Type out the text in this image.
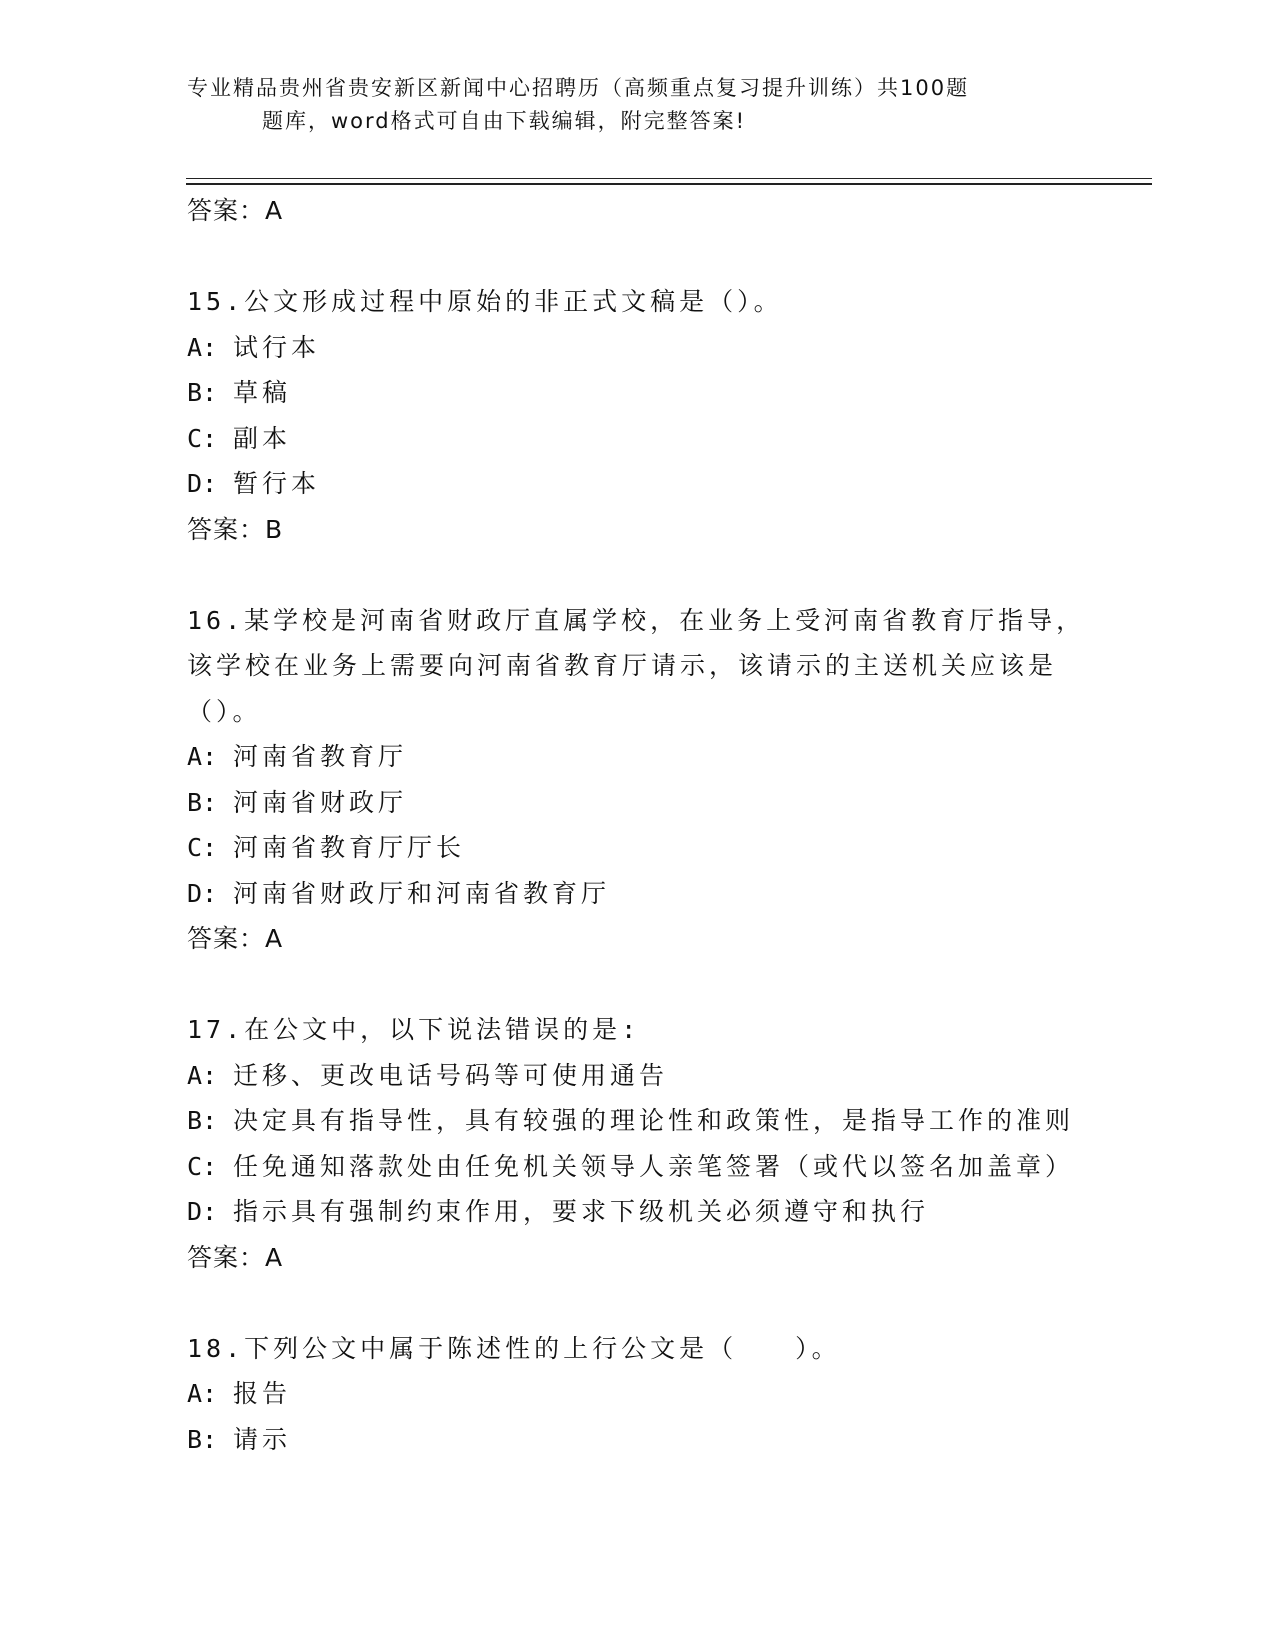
专业精品贵州省贵安新区新闻中心招聘历（高频重点复习提升训练）共100题
题库，word格式可自由下载编辑，附完整答案!
答案：A
15.公文形成过程中原始的非正式文稿是（）。
A: 试行本
B: 草稿
C: 副本
D: 暂行本
答案：B
16.某学校是河南省财政厅直属学校，在业务上受河南省教育厅指导，
该学校在业务上需要向河南省教育厅请示，该请示的主送机关应该是
（）。
A: 河南省教育厅
B: 河南省财政厅
C: 河南省教育厅厅长
D: 河南省财政厅和河南省教育厅
答案：A
17.在公文中，以下说法错误的是:
A: 迁移、更改电话号码等可使用通告
B: 决定具有指导性，具有较强的理论性和政策性，是指导工作的准则
C: 任免通知落款处由任免机关领导人亲笔签署（或代以签名加盖章）
D: 指示具有强制约束作用，要求下级机关必须遵守和执行
答案：A
18.下列公文中属于陈述性的上行公文是（　　）。
A: 报告
B: 请示
